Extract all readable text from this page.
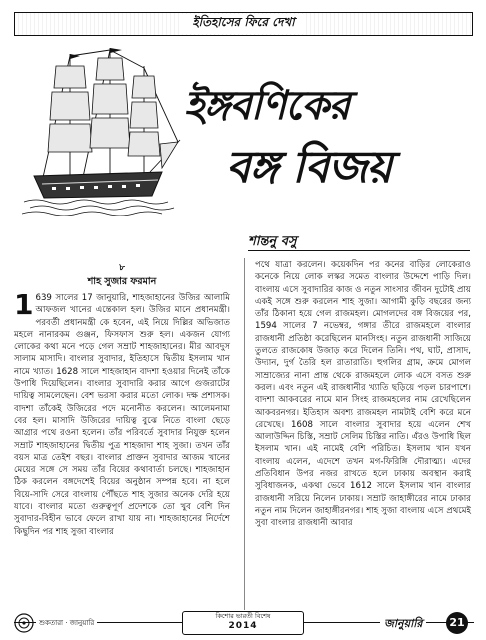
ইতিহাসের ফিরে দেখা
ইঙ্গবণিকের
বঙ্গ বিজয়
শান্তনু বসু
৮
শাহ সুজার ফরমান

1 639 সালের 17 জানুয়ারি, শাহজাহানের উজির আলামি আফজল খানের এন্তেকাল হল। উজির মানে প্রধানমন্ত্রী। পরবর্তী প্রধানমন্ত্রী কে হবেন, এই নিয়ে দিল্লির অভিজাত মহলে নানারকম গুঞ্জন, ফিসফাস শুরু হল। একজন যোগ্য লোকের কথা মনে পড়ে গেল সম্রাট শাহজাহানের। মীর আবদুস সালাম মাসাদি। বাংলার সুবাদার, ইতিহাসে দ্বিতীয় ইসলাম খান নামে খ্যাত। 1628 সালে শাহজাহান বাদশা হওয়ার দিনেই তাঁকে উপাধি দিয়েছিলেন। বাংলার সুবাদারি করার আগে গুজরাটের দায়িত্ব সামলেছেন। বেশ ভরসা করার মতো লোক। দক্ষ প্রশাসক। বাদশা তাঁকেই উজিরের পদে মনোনীত করলেন। আলেমনামা বের হল। মাসাদি উজিরের দায়িত্ব বুঝে নিতে বাংলা ছেড়ে আগ্রার পথে রওনা হলেন। তাঁর পরিবর্তে সুবাদার নিযুক্ত হলেন সম্রাট শাহজাহানের দ্বিতীয় পুত্র শাহজাদা শাহ সুজা। তখন তাঁর বয়স মাত্র তেইশ বছর। বাংলার প্রাক্তন সুবাদার আজম খানের মেয়ের সঙ্গে সে সময় তাঁর বিয়ের কথাবার্তা চলছে। শাহজাহান ঠিক করলেন বঙ্গদেশেই বিয়ের অনুষ্ঠান সম্পন্ন হবে। না হলে বিয়ে-সাদি সেরে বাংলায় পৌঁছতে শাহ সুজার অনেক দেরি হয়ে যাবে। বাংলার মতো গুরুত্বপূর্ণ প্রদেশকে তো খুব বেশি দিন সুবাদার-বিহীন ভাবে ফেলে রাখা যায় না। শাহজাহানের নির্দেশে কিছুদিন পর শাহ সুজা বাংলার

পথে যাত্রা করলেন। কয়েকদিন পর কনের বাড়ির লোকেরাও কনেকে নিয়ে লোক লস্কর সমেত বাংলার উদ্দেশে পাড়ি দিল। বাংলায় এসে সুবাদারির কাজ ও নতুন সাংসার জীবন দুটোই প্রায় একই সঙ্গে শুরু করলেন শাহ সুজা। আগামী কুড়ি বছরের জন্য তাঁর ঠিকানা হয়ে গেল রাজমহল। মোগলদের বঙ্গ বিজয়ের পর, 1594 সালের 7 নভেম্বর, গঙ্গার তীরে রাজমহলে বাংলার রাজধানী প্রতিষ্ঠা করেছিলেন মানসিংহ। নতুন রাজধানী সাজিয়ে তুলতে রাজকোষ উজাড় করে দিলেন তিনি। পথ, ঘাট, প্রাসাদ, উদ্যান, দুর্গ তৈরি হল রাতারাতি। হুগলির গ্রাম, ক্রমে মোগল সাম্রাজ্যের নানা প্রান্ত থেকে রাজমহলে লোক এসে বসত শুরু করল। এবং নতুন এই রাজধানীর খ্যাতি ছড়িয়ে পড়ল চারপাশে। বাদশা আকবরের নামে মান সিংহ রাজমহলের নাম রেখেছিলেন আকবরনগর। ইতিহাস অবশ্য রাজমহল নামটাই বেশি করে মনে রেখেছে। 1608 সালে বাংলার সুবাদার হয়ে এলেন শেখ আলাউদ্দিন চিস্তি, সম্রাট সেলিম চিস্তির নাতি। এঁরও উপাধি ছিল ইসলাম খান। এই নামেই বেশি পরিচিত। ইসলাম খান যখন বাংলায় এলেন, এদেশে তখন মগ-ফিরিঙ্গি দৌরাত্ম্য। এদের প্রতিবিধান উপর নজর রাখতে হলে ঢাকায় অবস্থান করাই সুবিধাজনক, একথা ভেবে 1612 সালে ইসলাম খান বাংলার রাজধানী সরিয়ে নিলেন ঢাকায়। সম্রাট জাহাঙ্গীরের নামে ঢাকার নতুন নাম দিলেন জাহাঙ্গীরনগর। শাহ সুজা বাংলায় এসে প্রথমেই সুবা বাংলার রাজধানী আবার

শুকতারা · জানুয়ারি
কিশোর ভারতী বিশেষ
2014	জানুয়ারি	21
